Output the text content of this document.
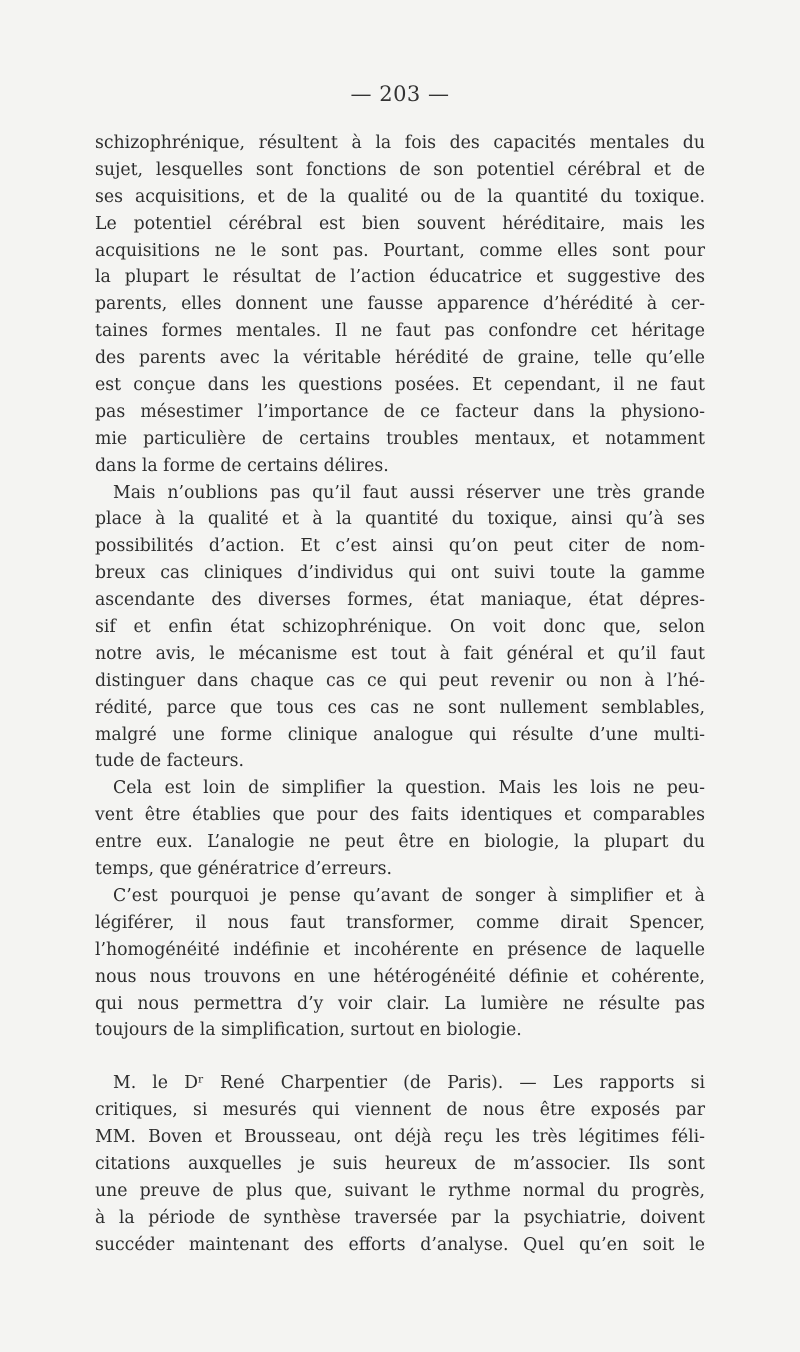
— 203 —
schizophrénique, résultent à la fois des capacités mentales du
sujet, lesquelles sont fonctions de son potentiel cérébral et de
ses acquisitions, et de la qualité ou de la quantité du toxique.
Le potentiel cérébral est bien souvent héréditaire, mais les
acquisitions ne le sont pas. Pourtant, comme elles sont pour
la plupart le résultat de l’action éducatrice et suggestive des
parents, elles donnent une fausse apparence d’hérédité à cer-
taines formes mentales. Il ne faut pas confondre cet héritage
des parents avec la véritable hérédité de graine, telle qu’elle
est conçue dans les questions posées. Et cependant, il ne faut
pas mésestimer l’importance de ce facteur dans la physiono-
mie particulière de certains troubles mentaux, et notamment
dans la forme de certains délires.
Mais n’oublions pas qu’il faut aussi réserver une très grande
place à la qualité et à la quantité du toxique, ainsi qu’à ses
possibilités d’action. Et c’est ainsi qu’on peut citer de nom-
breux cas cliniques d’individus qui ont suivi toute la gamme
ascendante des diverses formes, état maniaque, état dépres-
sif et enfin état schizophrénique. On voit donc que, selon
notre avis, le mécanisme est tout à fait général et qu’il faut
distinguer dans chaque cas ce qui peut revenir ou non à l’hé-
rédité, parce que tous ces cas ne sont nullement semblables,
malgré une forme clinique analogue qui résulte d’une multi-
tude de facteurs.
Cela est loin de simplifier la question. Mais les lois ne peu-
vent être établies que pour des faits identiques et comparables
entre eux. L’analogie ne peut être en biologie, la plupart du
temps, que génératrice d’erreurs.
C’est pourquoi je pense qu’avant de songer à simplifier et à
légiférer, il nous faut transformer, comme dirait Spencer,
l’homogénéité indéfinie et incohérente en présence de laquelle
nous nous trouvons en une hétérogénéité définie et cohérente,
qui nous permettra d’y voir clair. La lumière ne résulte pas
toujours de la simplification, surtout en biologie.
M. le Dʳ René Charpentier (de Paris). — Les rapports si
critiques, si mesurés qui viennent de nous être exposés par
MM. Boven et Brousseau, ont déjà reçu les très légitimes féli-
citations auxquelles je suis heureux de m’associer. Ils sont
une preuve de plus que, suivant le rythme normal du progrès,
à la période de synthèse traversée par la psychiatrie, doivent
succéder maintenant des efforts d’analyse. Quel qu’en soit le
